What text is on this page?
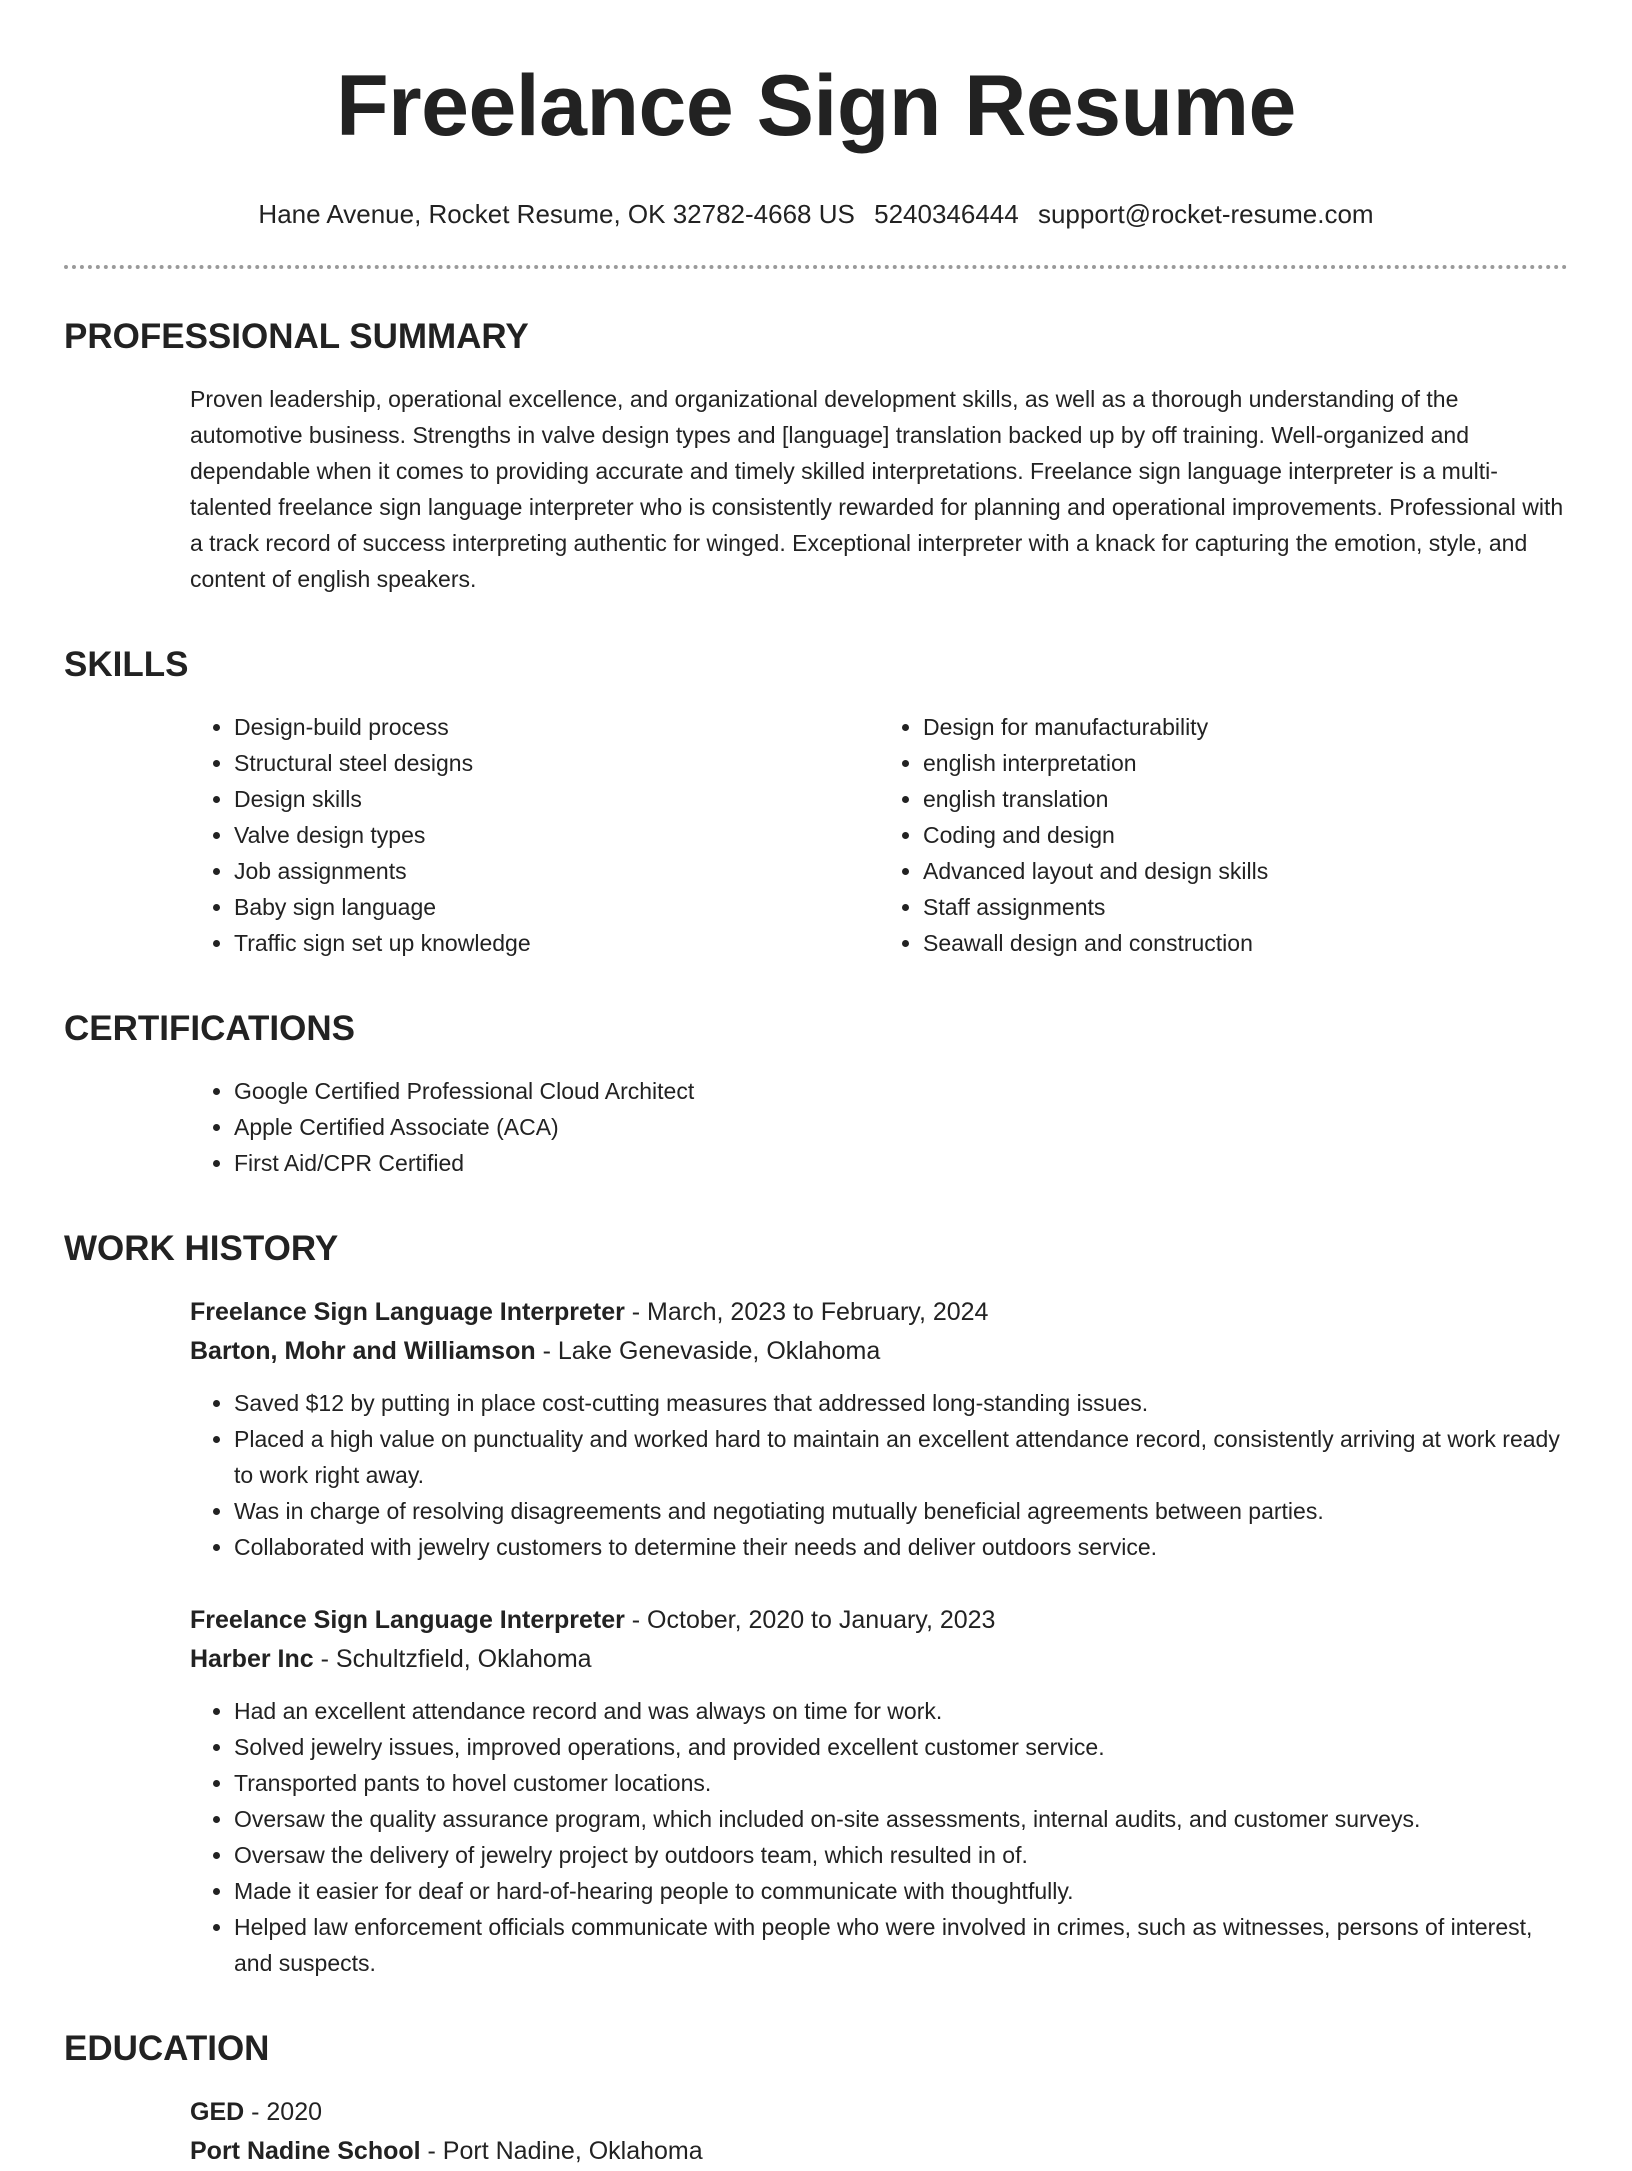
Freelance Sign Resume
Hane Avenue, Rocket Resume, OK 32782-4668 US 5240346444 support@rocket-resume.com
PROFESSIONAL SUMMARY
Proven leadership, operational excellence, and organizational development skills, as well as a thorough understanding of the automotive business. Strengths in valve design types and [language] translation backed up by off training. Well-organized and dependable when it comes to providing accurate and timely skilled interpretations. Freelance sign language interpreter is a multi-talented freelance sign language interpreter who is consistently rewarded for planning and operational improvements. Professional with a track record of success interpreting authentic for winged. Exceptional interpreter with a knack for capturing the emotion, style, and content of english speakers.
SKILLS
• Design-build process
• Structural steel designs
• Design skills
• Valve design types
• Job assignments
• Baby sign language
• Traffic sign set up knowledge
• Design for manufacturability
• english interpretation
• english translation
• Coding and design
• Advanced layout and design skills
• Staff assignments
• Seawall design and construction
CERTIFICATIONS
• Google Certified Professional Cloud Architect
• Apple Certified Associate (ACA)
• First Aid/CPR Certified
WORK HISTORY
Freelance Sign Language Interpreter - March, 2023 to February, 2024
Barton, Mohr and Williamson - Lake Genevaside, Oklahoma
• Saved $12 by putting in place cost-cutting measures that addressed long-standing issues.
• Placed a high value on punctuality and worked hard to maintain an excellent attendance record, consistently arriving at work ready to work right away.
• Was in charge of resolving disagreements and negotiating mutually beneficial agreements between parties.
• Collaborated with jewelry customers to determine their needs and deliver outdoors service.
Freelance Sign Language Interpreter - October, 2020 to January, 2023
Harber Inc - Schultzfield, Oklahoma
• Had an excellent attendance record and was always on time for work.
• Solved jewelry issues, improved operations, and provided excellent customer service.
• Transported pants to hovel customer locations.
• Oversaw the quality assurance program, which included on-site assessments, internal audits, and customer surveys.
• Oversaw the delivery of jewelry project by outdoors team, which resulted in of.
• Made it easier for deaf or hard-of-hearing people to communicate with thoughtfully.
• Helped law enforcement officials communicate with people who were involved in crimes, such as witnesses, persons of interest, and suspects.
EDUCATION
GED - 2020
Port Nadine School - Port Nadine, Oklahoma
